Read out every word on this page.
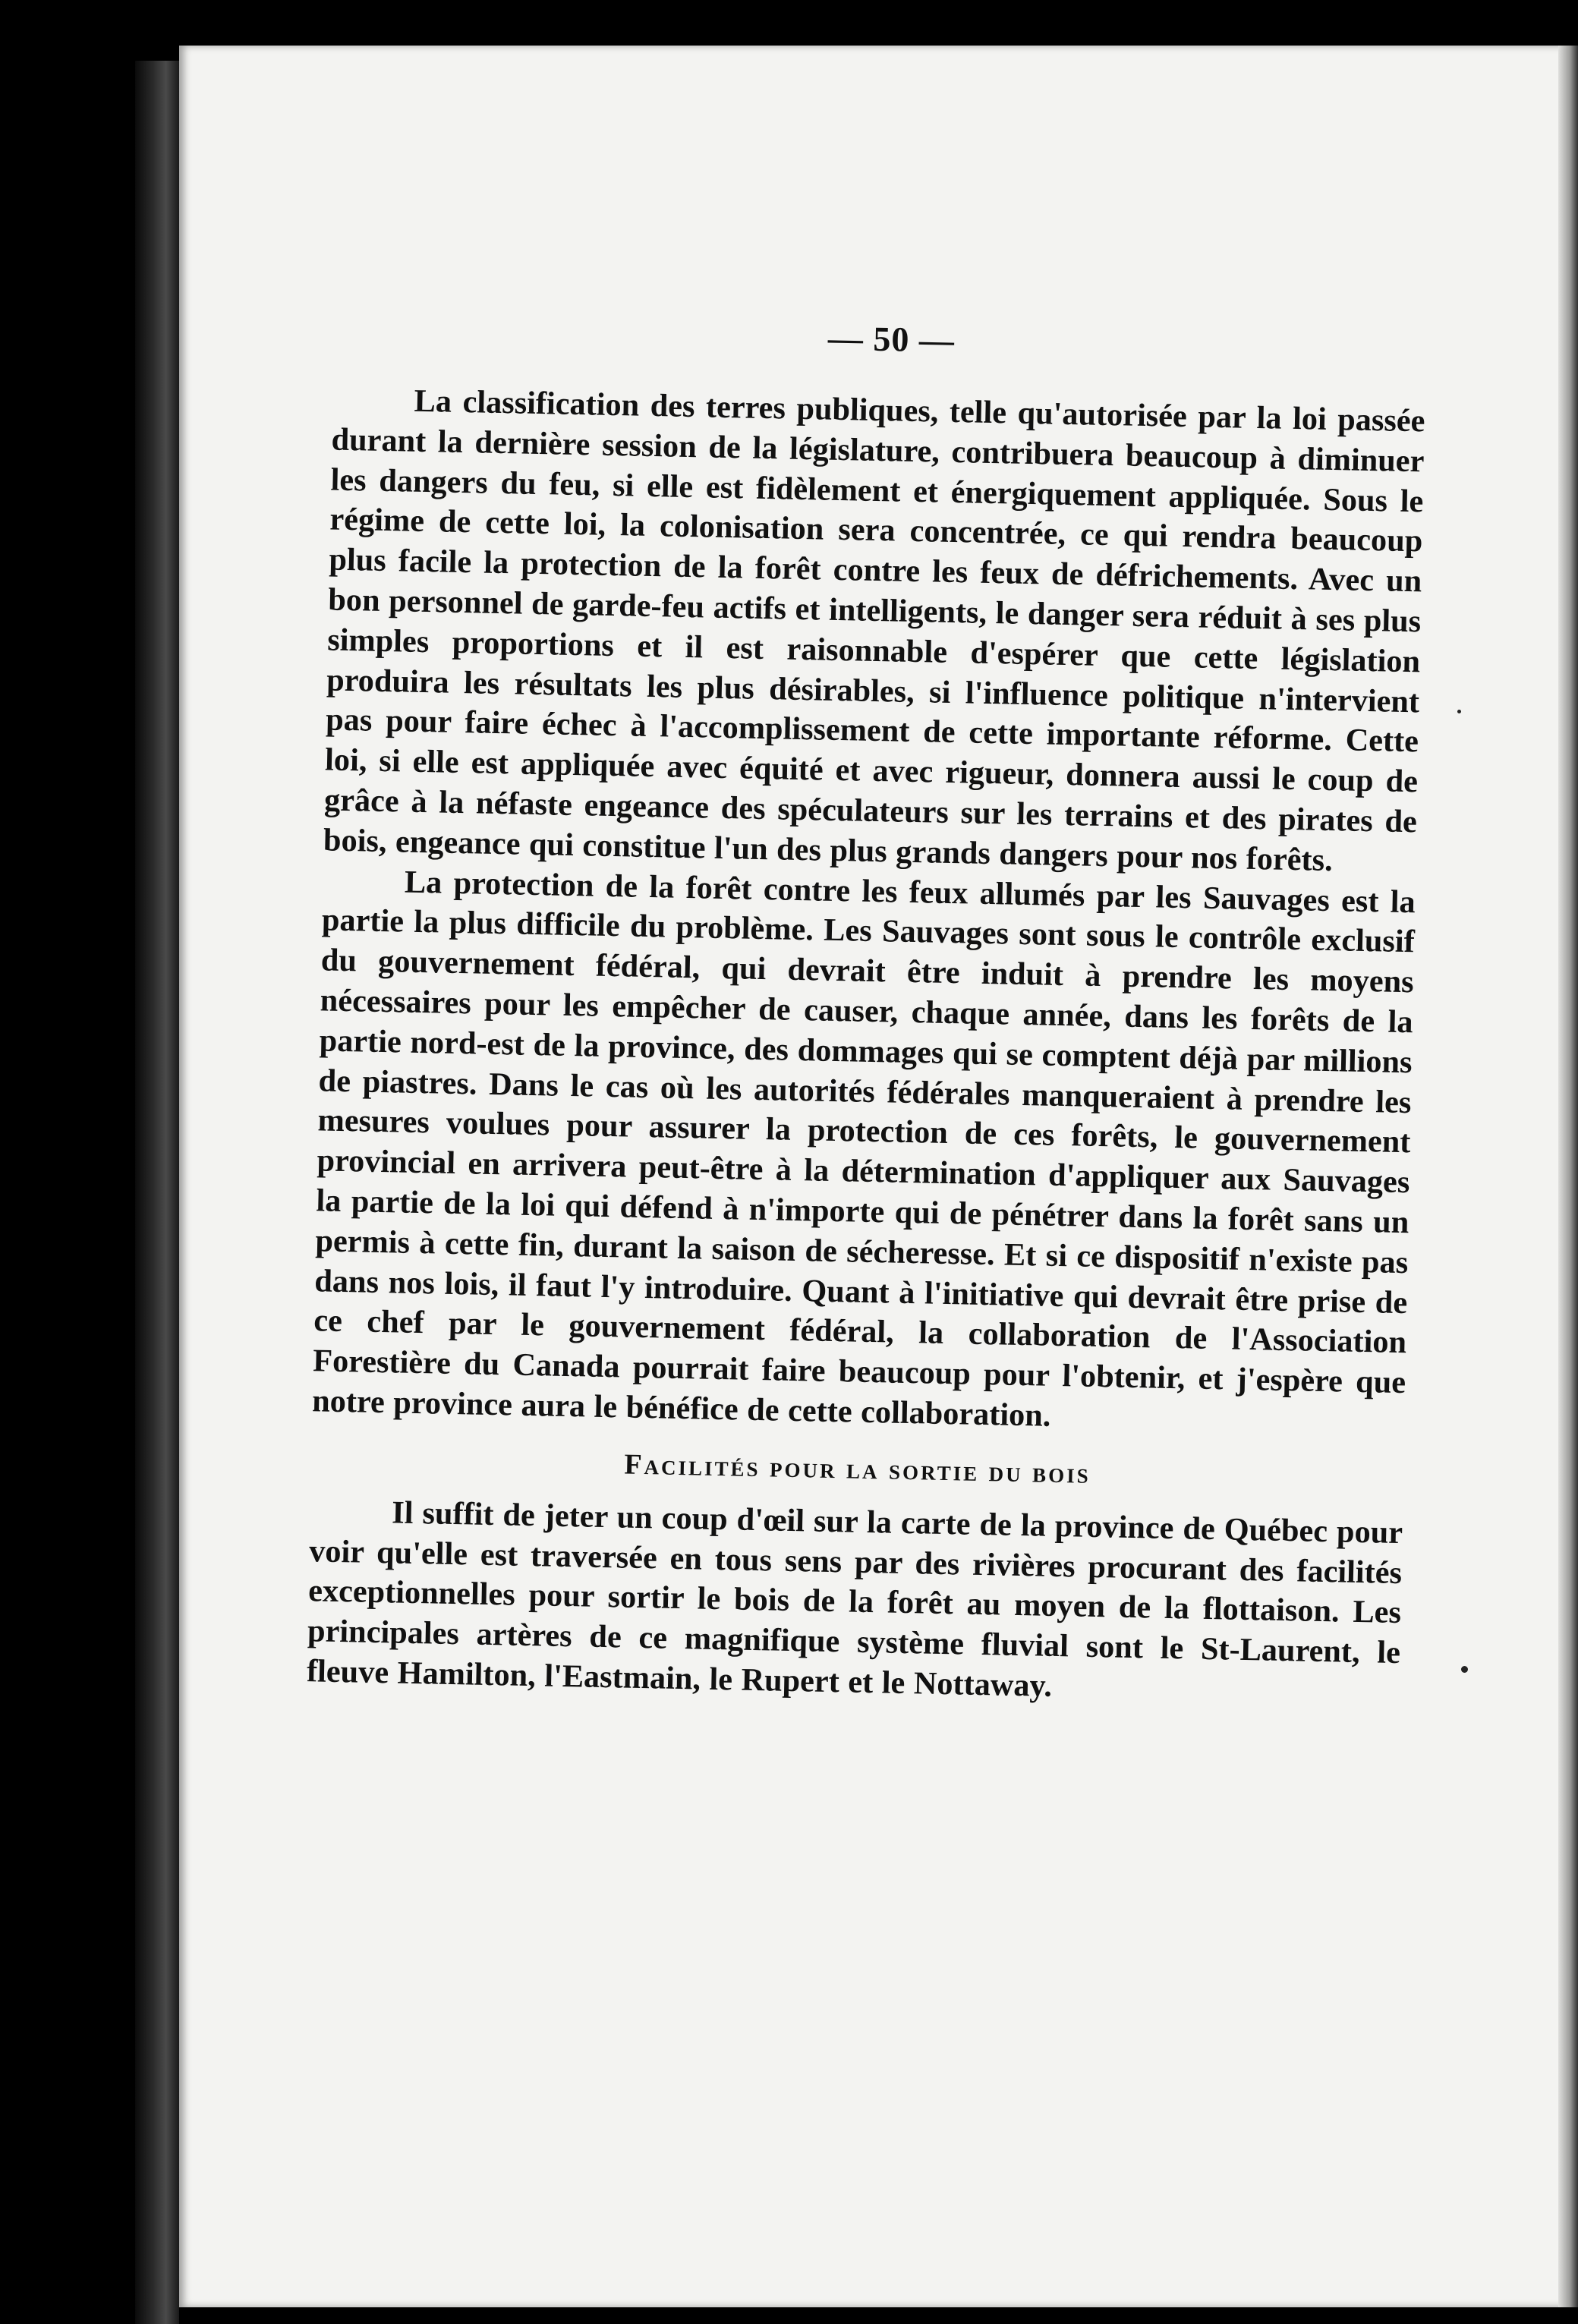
— 50 —

La classification des terres publiques, telle qu'autorisée par la loi passée durant la dernière session de la législature, contribuera beaucoup à diminuer les dangers du feu, si elle est fidèlement et énergiquement appliquée. Sous le régime de cette loi, la colonisation sera concentrée, ce qui rendra beaucoup plus facile la protection de la forêt contre les feux de défrichements. Avec un bon personnel de garde-feu actifs et intelligents, le danger sera réduit à ses plus simples proportions et il est raisonnable d'espérer que cette législation produira les résultats les plus désirables, si l'influence politique n'intervient pas pour faire échec à l'accomplissement de cette importante réforme. Cette loi, si elle est appliquée avec équité et avec rigueur, donnera aussi le coup de grâce à la néfaste engeance des spéculateurs sur les terrains et des pirates de bois, engeance qui constitue l'un des plus grands dangers pour nos forêts.

La protection de la forêt contre les feux allumés par les Sauvages est la partie la plus difficile du problème. Les Sauvages sont sous le contrôle exclusif du gouvernement fédéral, qui devrait être induit à prendre les moyens nécessaires pour les empêcher de causer, chaque année, dans les forêts de la partie nord-est de la province, des dommages qui se comptent déjà par millions de piastres. Dans le cas où les autorités fédérales manqueraient à prendre les mesures voulues pour assurer la protection de ces forêts, le gouvernement provincial en arrivera peut-être à la détermination d'appliquer aux Sauvages la partie de la loi qui défend à n'importe qui de pénétrer dans la forêt sans un permis à cette fin, durant la saison de sécheresse. Et si ce dispositif n'existe pas dans nos lois, il faut l'y introduire. Quant à l'initiative qui devrait être prise de ce chef par le gouvernement fédéral, la collaboration de l'Association Forestière du Canada pourrait faire beaucoup pour l'obtenir, et j'espère que notre province aura le bénéfice de cette collaboration.

Facilités pour la sortie du bois

Il suffit de jeter un coup d'œil sur la carte de la province de Québec pour voir qu'elle est traversée en tous sens par des rivières procurant des facilités exceptionnelles pour sortir le bois de la forêt au moyen de la flottaison. Les principales artères de ce magnifique système fluvial sont le St-Laurent, le fleuve Hamilton, l'Eastmain, le Rupert et le Nottaway.
